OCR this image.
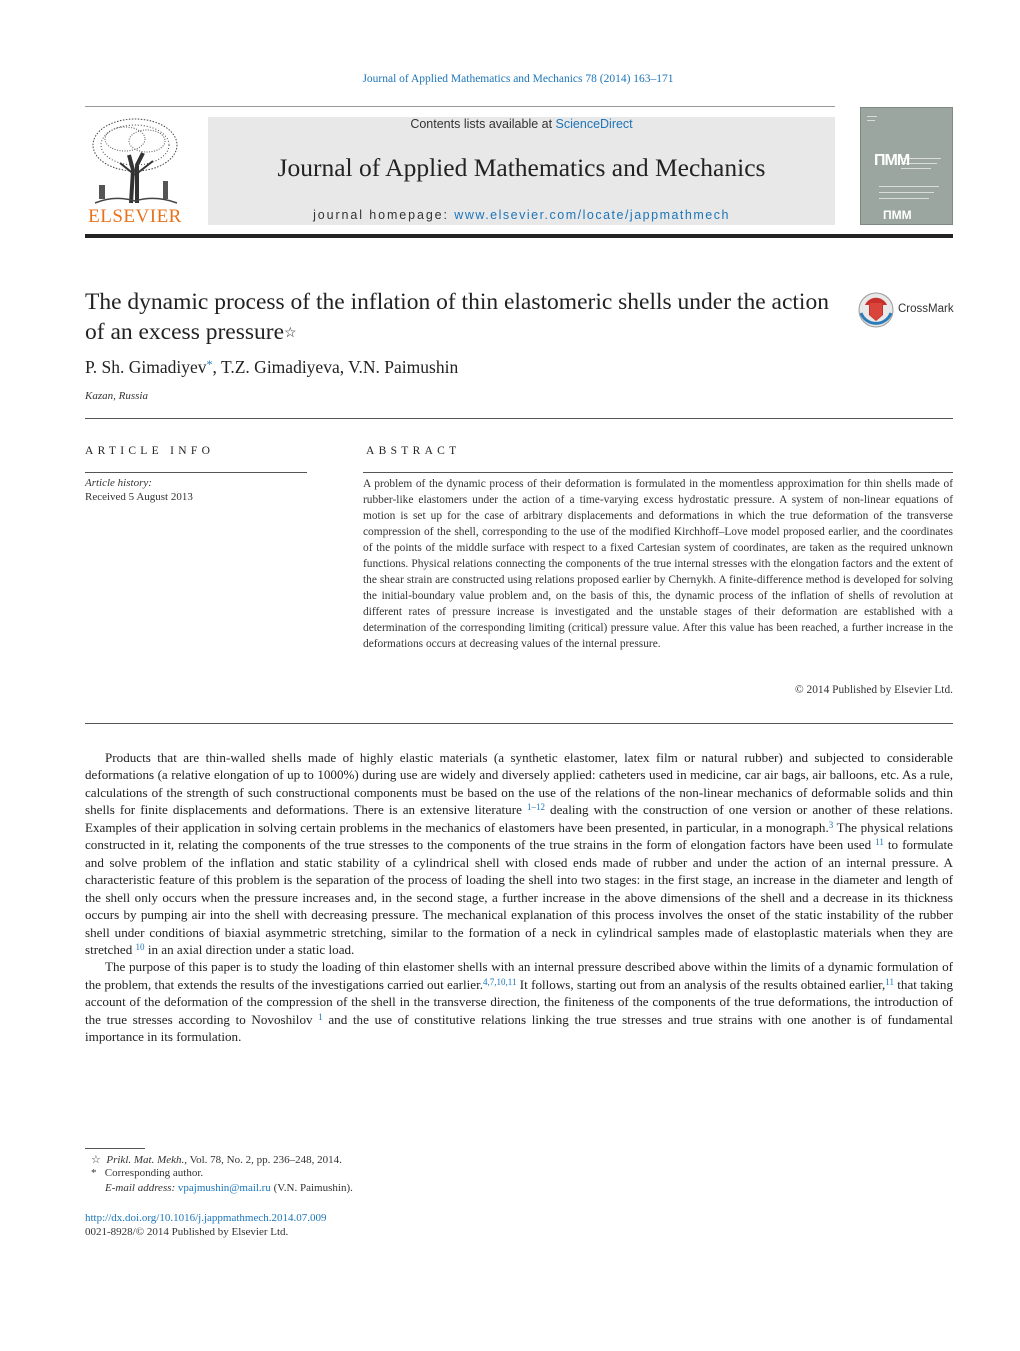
Journal of Applied Mathematics and Mechanics 78 (2014) 163–171
ELSEVIER
Contents lists available at ScienceDirect
Journal of Applied Mathematics and Mechanics
journal homepage: www.elsevier.com/locate/jappmathmech
ПММ
ПММ
The dynamic process of the inflation of thin elastomeric shells under the action of an excess pressure☆
CrossMark
P. Sh. Gimadiyev*, T.Z. Gimadiyeva, V.N. Paimushin
Kazan, Russia
ARTICLE INFO	ABSTRACT
Article history:
Received 5 August 2013
A problem of the dynamic process of their deformation is formulated in the momentless approximation for thin shells made of rubber-like elastomers under the action of a time-varying excess hydrostatic pressure. A system of non-linear equations of motion is set up for the case of arbitrary displacements and deformations in which the true deformation of the transverse compression of the shell, corresponding to the use of the modified Kirchhoff–Love model proposed earlier, and the coordinates of the points of the middle surface with respect to a fixed Cartesian system of coordinates, are taken as the required unknown functions. Physical relations connecting the components of the true internal stresses with the elongation factors and the extent of the shear strain are constructed using relations proposed earlier by Chernykh. A finite-difference method is developed for solving the initial-boundary value problem and, on the basis of this, the dynamic process of the inflation of shells of revolution at different rates of pressure increase is investigated and the unstable stages of their deformation are established with a determination of the corresponding limiting (critical) pressure value. After this value has been reached, a further increase in the deformations occurs at decreasing values of the internal pressure.
© 2014 Published by Elsevier Ltd.

Products that are thin-walled shells made of highly elastic materials (a synthetic elastomer, latex film or natural rubber) and subjected to considerable deformations (a relative elongation of up to 1000%) during use are widely and diversely applied: catheters used in medicine, car air bags, air balloons, etc. As a rule, calculations of the strength of such constructional components must be based on the use of the relations of the non-linear mechanics of deformable solids and thin shells for finite displacements and deformations. There is an extensive literature $^{1-12}$ dealing with the construction of one version or another of these relations. Examples of their application in solving certain problems in the mechanics of elastomers have been presented, in particular, in a monograph.$^3$ The physical relations constructed in it, relating the components of the true stresses to the components of the true strains in the form of elongation factors have been used $^{11}$ to formulate and solve problem of the inflation and static stability of a cylindrical shell with closed ends made of rubber and under the action of an internal pressure. A characteristic feature of this problem is the separation of the process of loading the shell into two stages: in the first stage, an increase in the diameter and length of the shell only occurs when the pressure increases and, in the second stage, a further increase in the above dimensions of the shell and a decrease in its thickness occurs by pumping air into the shell with decreasing pressure. The mechanical explanation of this process involves the onset of the static instability of the rubber shell under conditions of biaxial asymmetric stretching, similar to the formation of a neck in cylindrical samples made of elastoplastic materials when they are stretched $^{10}$ in an axial direction under a static load.

The purpose of this paper is to study the loading of thin elastomer shells with an internal pressure described above within the limits of a dynamic formulation of the problem, that extends the results of the investigations carried out earlier.$^{4,7,10,11}$ It follows, starting out from an analysis of the results obtained earlier,$^{11}$ that taking account of the deformation of the compression of the shell in the transverse direction, the finiteness of the components of the true deformations, the introduction of the true stresses according to Novoshilov $^1$ and the use of constitutive relations linking the true stresses and true strains with one another is of fundamental importance in its formulation.

☆ Prikl. Mat. Mekh., Vol. 78, No. 2, pp. 236–248, 2014.
* Corresponding author.
E-mail address: vpajmushin@mail.ru (V.N. Paimushin).
http://dx.doi.org/10.1016/j.jappmathmech.2014.07.009
0021-8928/© 2014 Published by Elsevier Ltd.
